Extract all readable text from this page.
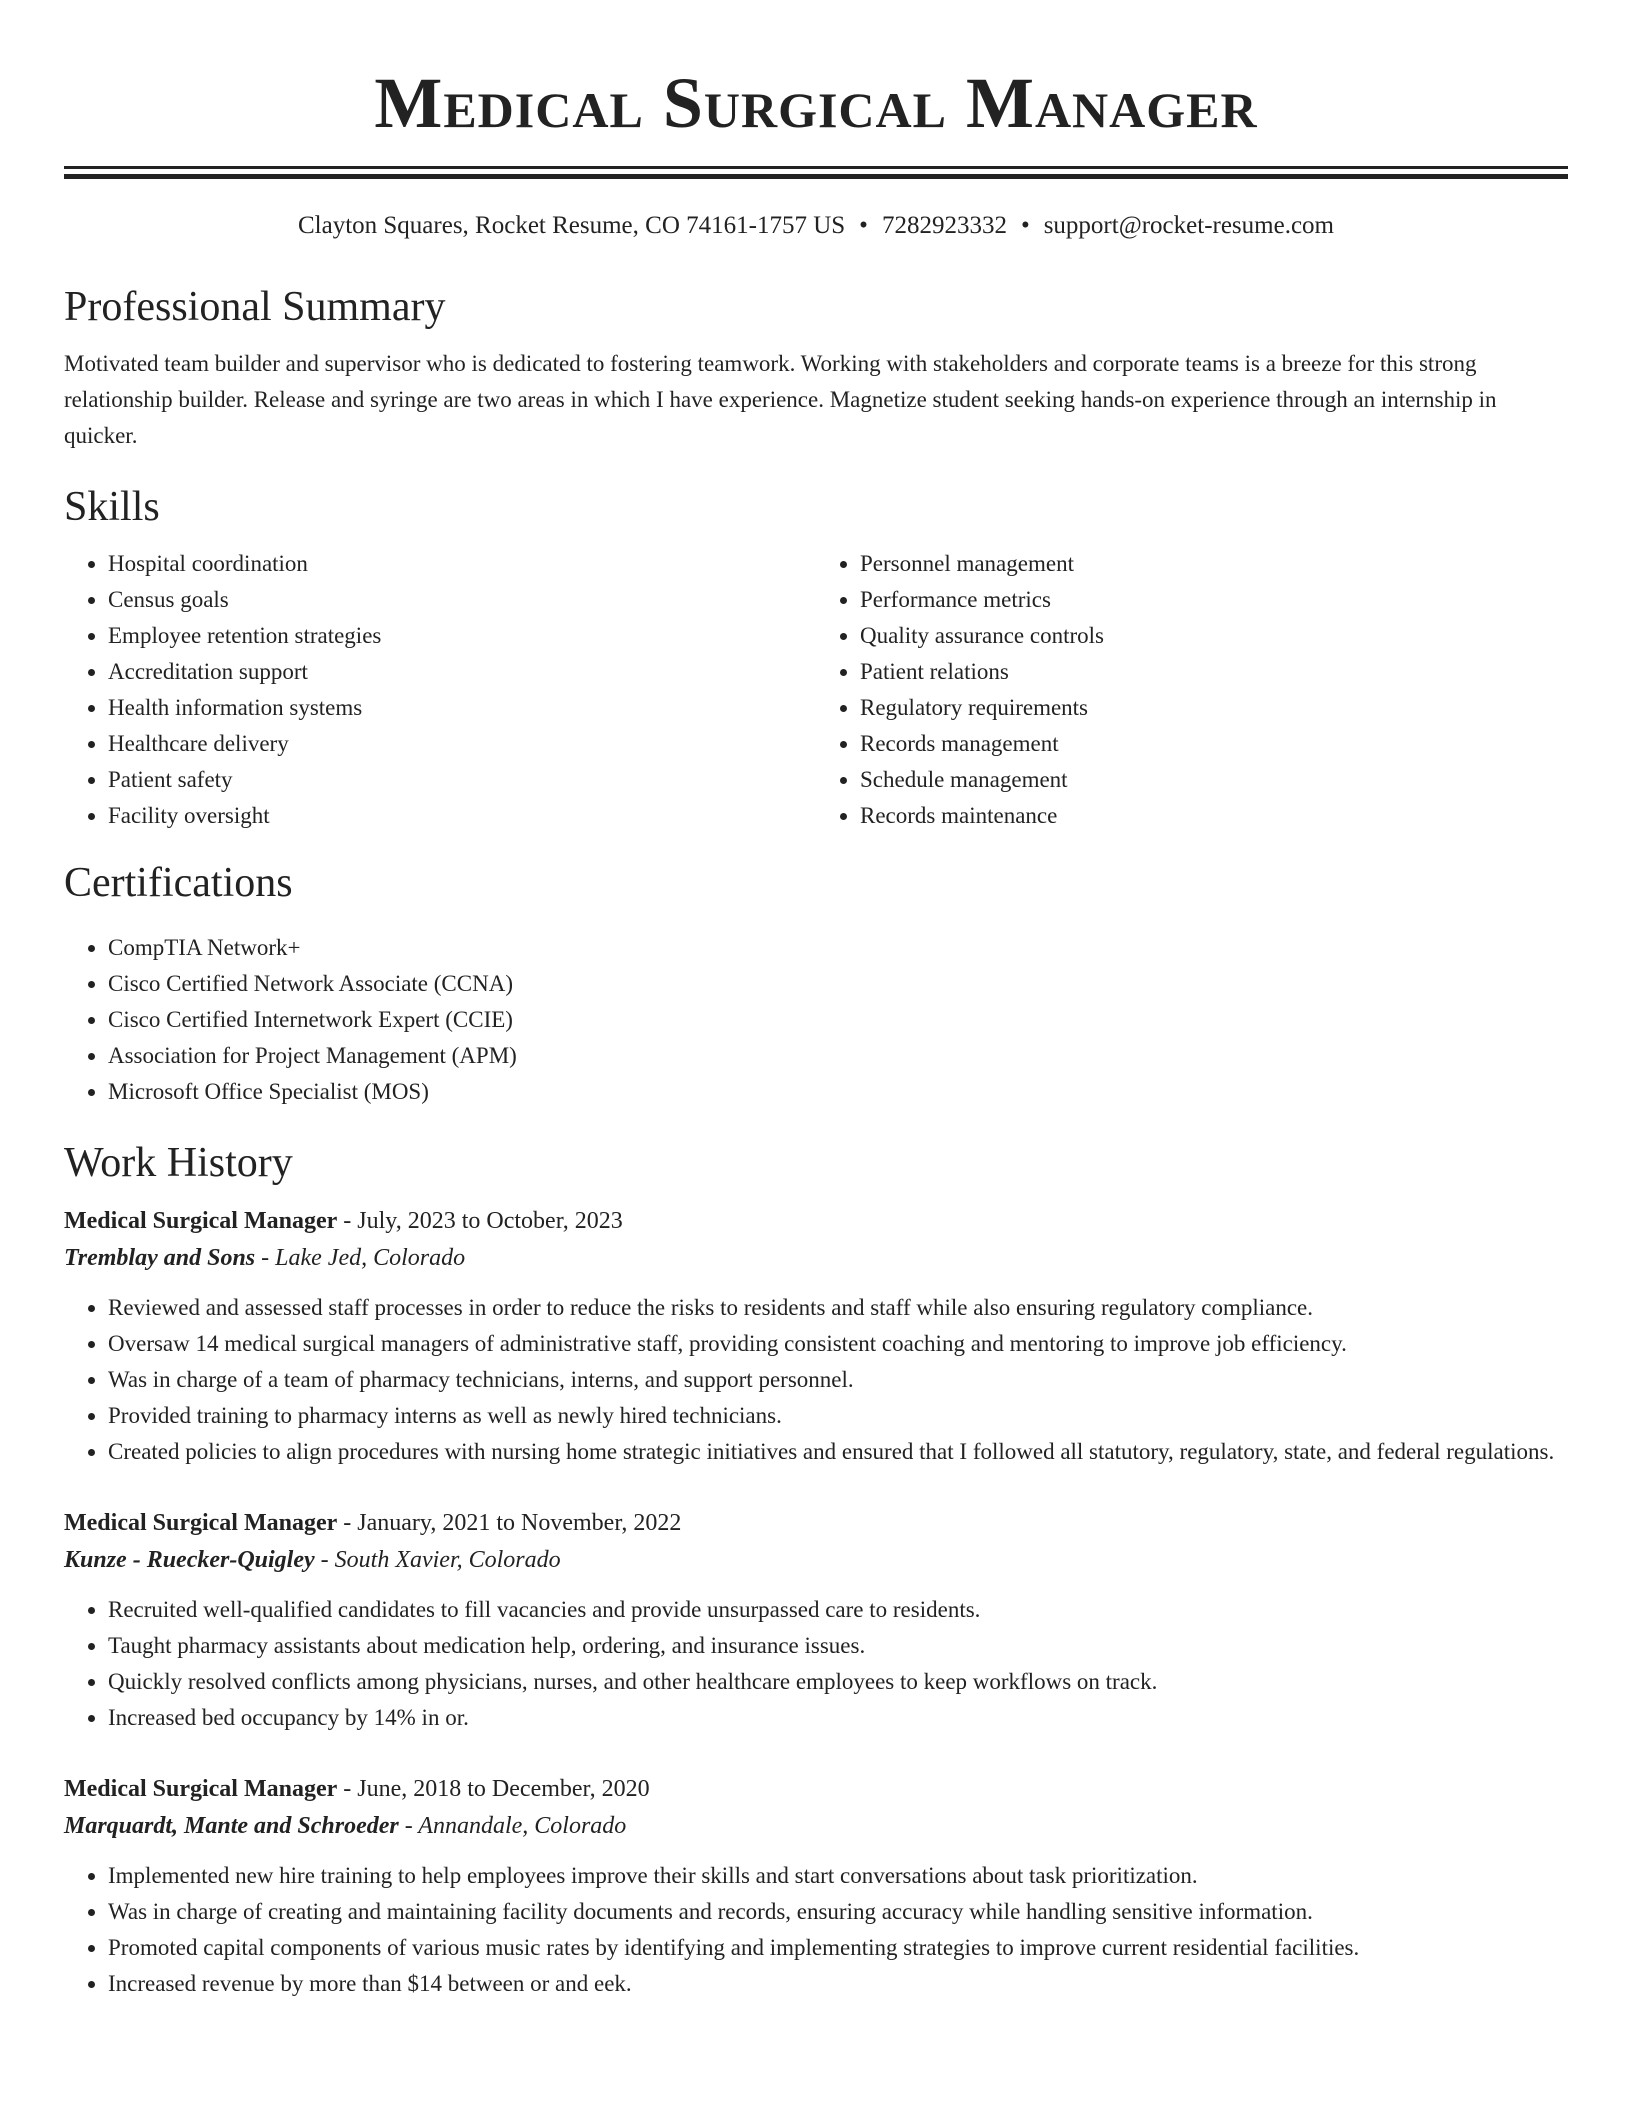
Medical Surgical Manager
Clayton Squares, Rocket Resume, CO 74161-1757 US • 7282923332 • support@rocket-resume.com
Professional Summary
Motivated team builder and supervisor who is dedicated to fostering teamwork. Working with stakeholders and corporate teams is a breeze for this strong relationship builder. Release and syringe are two areas in which I have experience. Magnetize student seeking hands-on experience through an internship in quicker.
Skills
• Hospital coordination
• Census goals
• Employee retention strategies
• Accreditation support
• Health information systems
• Healthcare delivery
• Patient safety
• Facility oversight
• Personnel management
• Performance metrics
• Quality assurance controls
• Patient relations
• Regulatory requirements
• Records management
• Schedule management
• Records maintenance
Certifications
• CompTIA Network+
• Cisco Certified Network Associate (CCNA)
• Cisco Certified Internetwork Expert (CCIE)
• Association for Project Management (APM)
• Microsoft Office Specialist (MOS)
Work History
Medical Surgical Manager - July, 2023 to October, 2023
Tremblay and Sons - Lake Jed, Colorado
• Reviewed and assessed staff processes in order to reduce the risks to residents and staff while also ensuring regulatory compliance.
• Oversaw 14 medical surgical managers of administrative staff, providing consistent coaching and mentoring to improve job efficiency.
• Was in charge of a team of pharmacy technicians, interns, and support personnel.
• Provided training to pharmacy interns as well as newly hired technicians.
• Created policies to align procedures with nursing home strategic initiatives and ensured that I followed all statutory, regulatory, state, and federal regulations.
Medical Surgical Manager - January, 2021 to November, 2022
Kunze - Ruecker-Quigley - South Xavier, Colorado
• Recruited well-qualified candidates to fill vacancies and provide unsurpassed care to residents.
• Taught pharmacy assistants about medication help, ordering, and insurance issues.
• Quickly resolved conflicts among physicians, nurses, and other healthcare employees to keep workflows on track.
• Increased bed occupancy by 14% in or.
Medical Surgical Manager - June, 2018 to December, 2020
Marquardt, Mante and Schroeder - Annandale, Colorado
• Implemented new hire training to help employees improve their skills and start conversations about task prioritization.
• Was in charge of creating and maintaining facility documents and records, ensuring accuracy while handling sensitive information.
• Promoted capital components of various music rates by identifying and implementing strategies to improve current residential facilities.
• Increased revenue by more than $14 between or and eek.
